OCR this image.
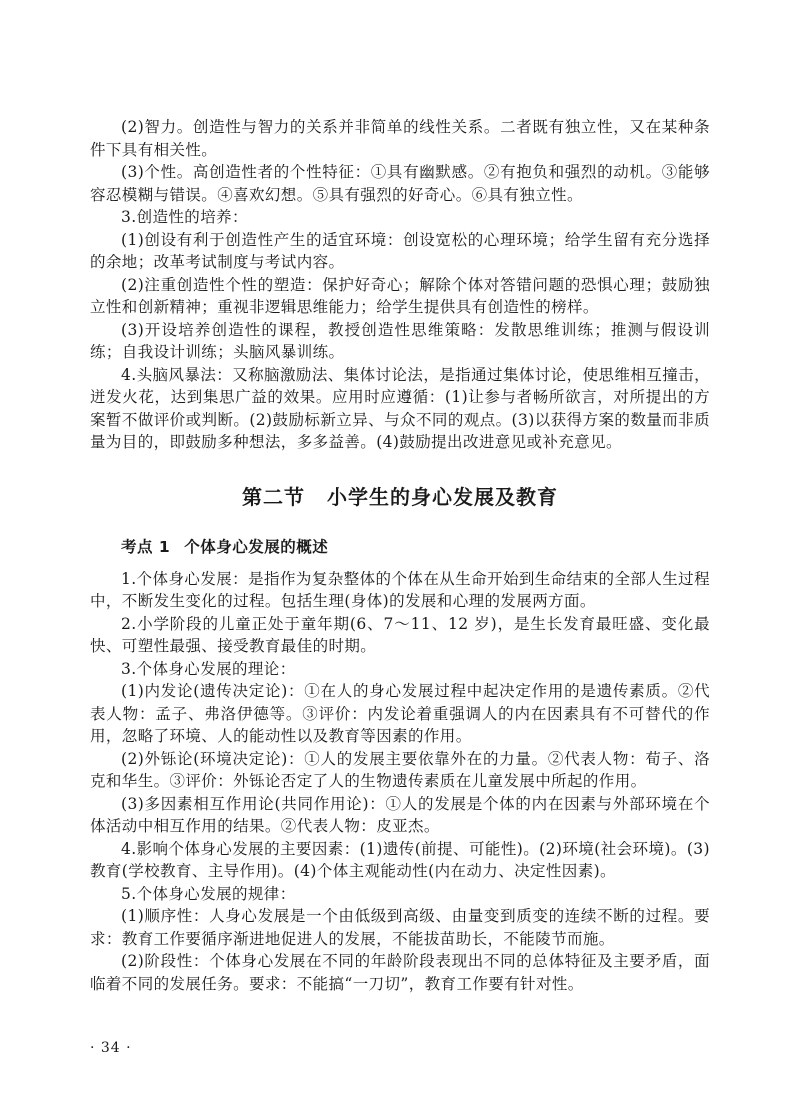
(2)智力。创造性与智力的关系并非简单的线性关系。二者既有独立性，又在某种条件下具有相关性。

(3)个性。高创造性者的个性特征：①具有幽默感。②有抱负和强烈的动机。③能够容忍模糊与错误。④喜欢幻想。⑤具有强烈的好奇心。⑥具有独立性。

3.创造性的培养：

(1)创设有利于创造性产生的适宜环境：创设宽松的心理环境；给学生留有充分选择的余地；改革考试制度与考试内容。

(2)注重创造性个性的塑造：保护好奇心；解除个体对答错问题的恐惧心理；鼓励独立性和创新精神；重视非逻辑思维能力；给学生提供具有创造性的榜样。

(3)开设培养创造性的课程，教授创造性思维策略：发散思维训练；推测与假设训练；自我设计训练；头脑风暴训练。

4.头脑风暴法：又称脑激励法、集体讨论法，是指通过集体讨论，使思维相互撞击，迸发火花，达到集思广益的效果。应用时应遵循：(1)让参与者畅所欲言，对所提出的方案暂不做评价或判断。(2)鼓励标新立异、与众不同的观点。(3)以获得方案的数量而非质量为目的，即鼓励多种想法，多多益善。(4)鼓励提出改进意见或补充意见。

第二节 小学生的身心发展及教育
考点 1 个体身心发展的概述

1.个体身心发展：是指作为复杂整体的个体在从生命开始到生命结束的全部人生过程中，不断发生变化的过程。包括生理(身体)的发展和心理的发展两方面。

2.小学阶段的儿童正处于童年期(6、7～11、12 岁)，是生长发育最旺盛、变化最快、可塑性最强、接受教育最佳的时期。

3.个体身心发展的理论：

(1)内发论(遗传决定论)：①在人的身心发展过程中起决定作用的是遗传素质。②代表人物：孟子、弗洛伊德等。③评价：内发论着重强调人的内在因素具有不可替代的作用，忽略了环境、人的能动性以及教育等因素的作用。

(2)外铄论(环境决定论)：①人的发展主要依靠外在的力量。②代表人物：荀子、洛克和华生。③评价：外铄论否定了人的生物遗传素质在儿童发展中所起的作用。

(3)多因素相互作用论(共同作用论)：①人的发展是个体的内在因素与外部环境在个体活动中相互作用的结果。②代表人物：皮亚杰。

4.影响个体身心发展的主要因素：(1)遗传(前提、可能性)。(2)环境(社会环境)。(3)教育(学校教育、主导作用)。(4)个体主观能动性(内在动力、决定性因素)。

5.个体身心发展的规律：

(1)顺序性：人身心发展是一个由低级到高级、由量变到质变的连续不断的过程。要求：教育工作要循序渐进地促进人的发展，不能拔苗助长，不能陵节而施。

(2)阶段性：个体身心发展在不同的年龄阶段表现出不同的总体特征及主要矛盾，面临着不同的发展任务。要求：不能搞“一刀切”，教育工作要有针对性。

· 34 ·
